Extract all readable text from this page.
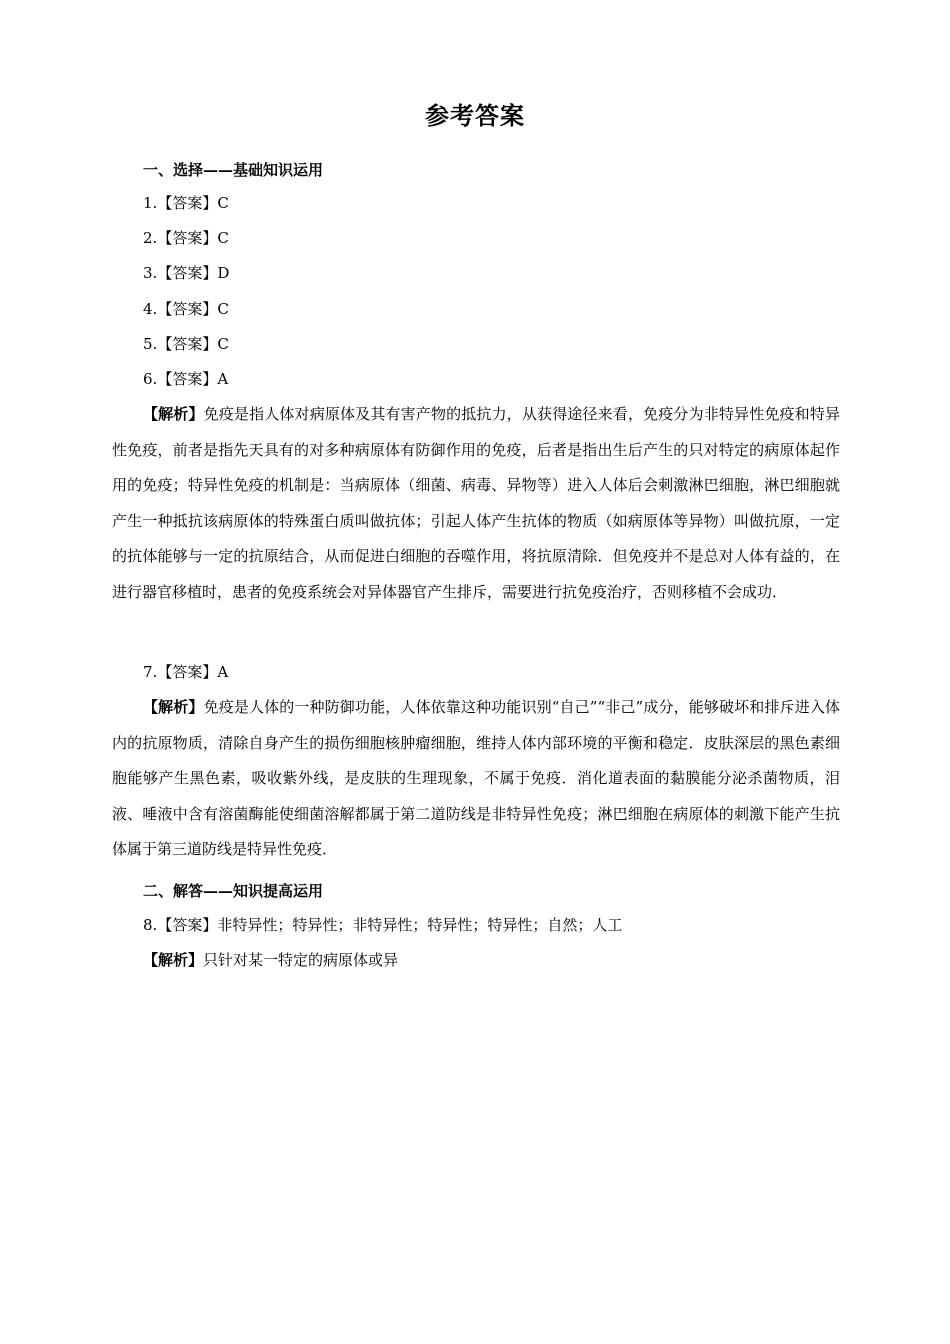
参考答案
一、选择——基础知识运用
1.【答案】C
2.【答案】C
3.【答案】D
4.【答案】C
5.【答案】C
6.【答案】A
【解析】免疫是指人体对病原体及其有害产物的抵抗力，从获得途径来看，免疫分为非特异性免疫和特异性免疫，前者是指先天具有的对多种病原体有防御作用的免疫，后者是指出生后产生的只对特定的病原体起作用的免疫；特异性免疫的机制是：当病原体（细菌、病毒、异物等）进入人体后会刺激淋巴细胞，淋巴细胞就产生一种抵抗该病原体的特殊蛋白质叫做抗体；引起人体产生抗体的物质（如病原体等异物）叫做抗原，一定的抗体能够与一定的抗原结合，从而促进白细胞的吞噬作用，将抗原清除．但免疫并不是总对人体有益的，在进行器官移植时，患者的免疫系统会对异体器官产生排斥，需要进行抗免疫治疗，否则移植不会成功．
7.【答案】A
【解析】免疫是人体的一种防御功能，人体依靠这种功能识别“自己”“非己”成分，能够破坏和排斥进入体内的抗原物质，清除自身产生的损伤细胞核肿瘤细胞，维持人体内部环境的平衡和稳定．皮肤深层的黑色素细胞能够产生黑色素，吸收紫外线，是皮肤的生理现象，不属于免疫．消化道表面的黏膜能分泌杀菌物质，泪液、唾液中含有溶菌酶能使细菌溶解都属于第二道防线是非特异性免疫；淋巴细胞在病原体的刺激下能产生抗体属于第三道防线是特异性免疫．
二、解答——知识提高运用
8.【答案】非特异性；特异性；非特异性；特异性；特异性；自然；人工
【解析】只针对某一特定的病原体或异
